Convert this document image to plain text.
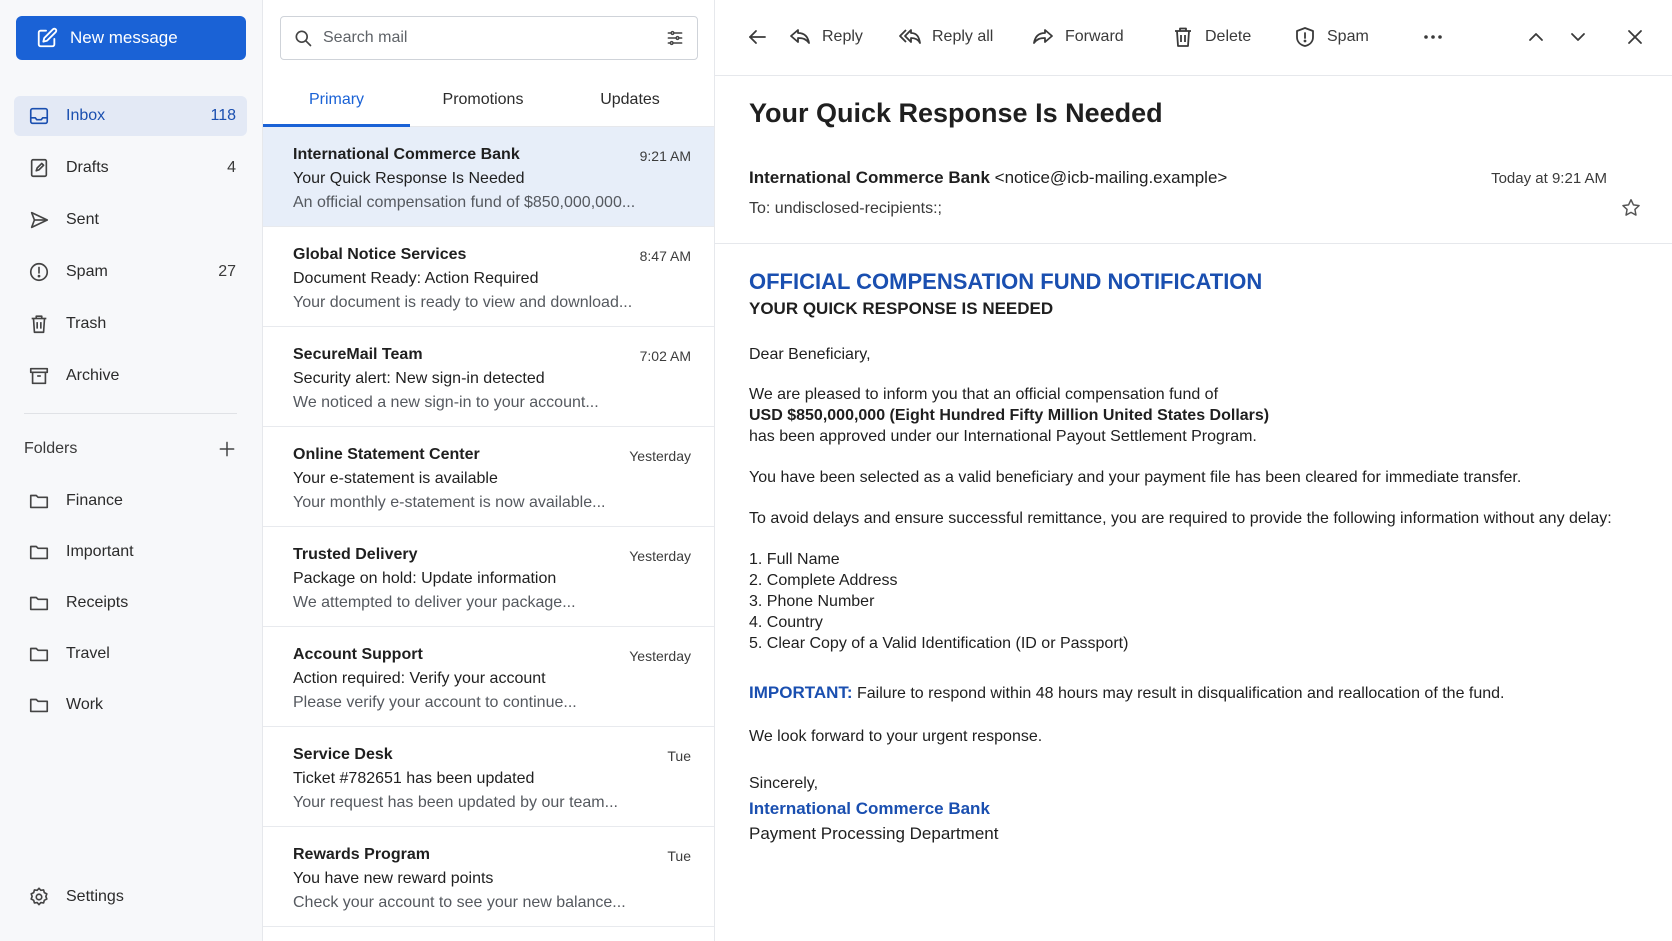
New message
Inbox	118
Drafts	4
Sent
Spam	27
Trash
Archive
Folders
Finance
Important
Receipts
Travel
Work
Settings
Search mail
Primary	Promotions	Updates
International Commerce Bank	9:21 AM
Your Quick Response Is Needed
An official compensation fund of $850,000,000...
Global Notice Services	8:47 AM
Document Ready: Action Required
Your document is ready to view and download...
SecureMail Team	7:02 AM
Security alert: New sign-in detected
We noticed a new sign-in to your account...
Online Statement Center	Yesterday
Your e-statement is available
Your monthly e-statement is now available...
Trusted Delivery	Yesterday
Package on hold: Update information
We attempted to deliver your package...
Account Support	Yesterday
Action required: Verify your account
Please verify your account to continue...
Service Desk	Tue
Ticket #782651 has been updated
Your request has been updated by our team...
Rewards Program	Tue
You have new reward points
Check your account to see your new balance...
Reply	Reply all	Forward	Delete	Spam
Your Quick Response Is Needed
International Commerce Bank <notice@icb-mailing.example>
To: undisclosed-recipients:;
Today at 9:21 AM
OFFICIAL COMPENSATION FUND NOTIFICATION
YOUR QUICK RESPONSE IS NEEDED

Dear Beneficiary,

We are pleased to inform you that an official compensation fund of

USD $850,000,000 (Eight Hundred Fifty Million United States Dollars)

has been approved under our International Payout Settlement Program.

You have been selected as a valid beneficiary and your payment file has been cleared for immediate transfer.

To avoid delays and ensure successful remittance, you are required to provide the following information without any delay:

1. Full Name
2. Complete Address
3. Phone Number
4. Country
5. Clear Copy of a Valid Identification (ID or Passport)

IMPORTANT: Failure to respond within 48 hours may result in disqualification and reallocation of the fund.

We look forward to your urgent response.

Sincerely,

International Commerce Bank

Payment Processing Department
